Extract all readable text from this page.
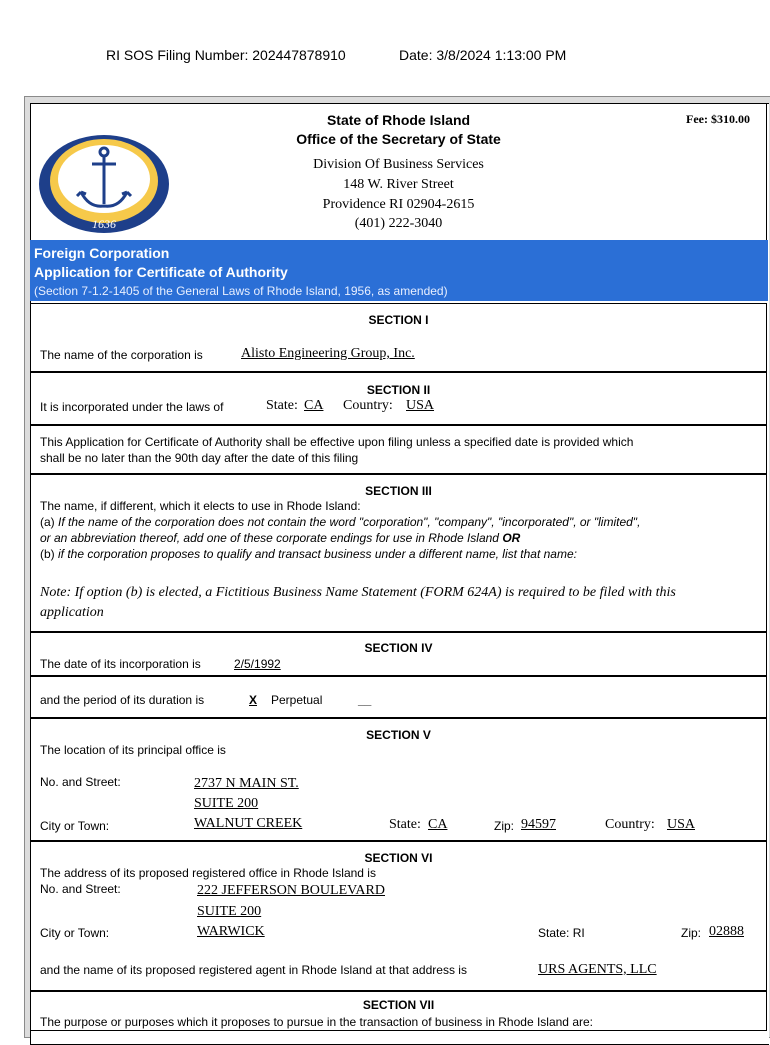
RI SOS Filing Number: 202447878910	Date: 3/8/2024 1:13:00 PM
1636
State of Rhode Island
Office of the Secretary of State
Division Of Business Services
148 W. River Street
Providence RI 02904-2615
(401) 222-3040
Fee: $310.00
Foreign Corporation
Application for Certificate of Authority
(Section 7-1.2-1405 of the General Laws of Rhode Island, 1956, as amended)
SECTION I
The name of the corporation is	Alisto Engineering Group, Inc.
SECTION II
It is incorporated under the laws of	State: CA Country: USA
This Application for Certificate of Authority shall be effective upon filing unless a specified date is provided which
shall be no later than the 90th day after the date of this filing
SECTION III
The name, if different, which it elects to use in Rhode Island:
(a) If the name of the corporation does not contain the word "corporation", "company", "incorporated", or "limited",
or an abbreviation thereof, add one of these corporate endings for use in Rhode Island OR
(b) if the corporation proposes to qualify and transact business under a different name, list that name:
Note: If option (b) is elected, a Fictitious Business Name Statement (FORM 624A) is required to be filed with this
application
SECTION IV
The date of its incorporation is	2/5/1992
and the period of its duration is	X Perpetual	__
SECTION V
The location of its principal office is
No. and Street:	2737 N MAIN ST.
SUITE 200
City or Town:	WALNUT CREEK	State: CA	Zip: 94597	Country: USA
SECTION VI
The address of its proposed registered office in Rhode Island is
No. and Street:	222 JEFFERSON BOULEVARD
SUITE 200
City or Town:	WARWICK	State: RI	Zip: 02888
and the name of its proposed registered agent in Rhode Island at that address is	URS AGENTS, LLC
SECTION VII
The purpose or purposes which it proposes to pursue in the transaction of business in Rhode Island are:
